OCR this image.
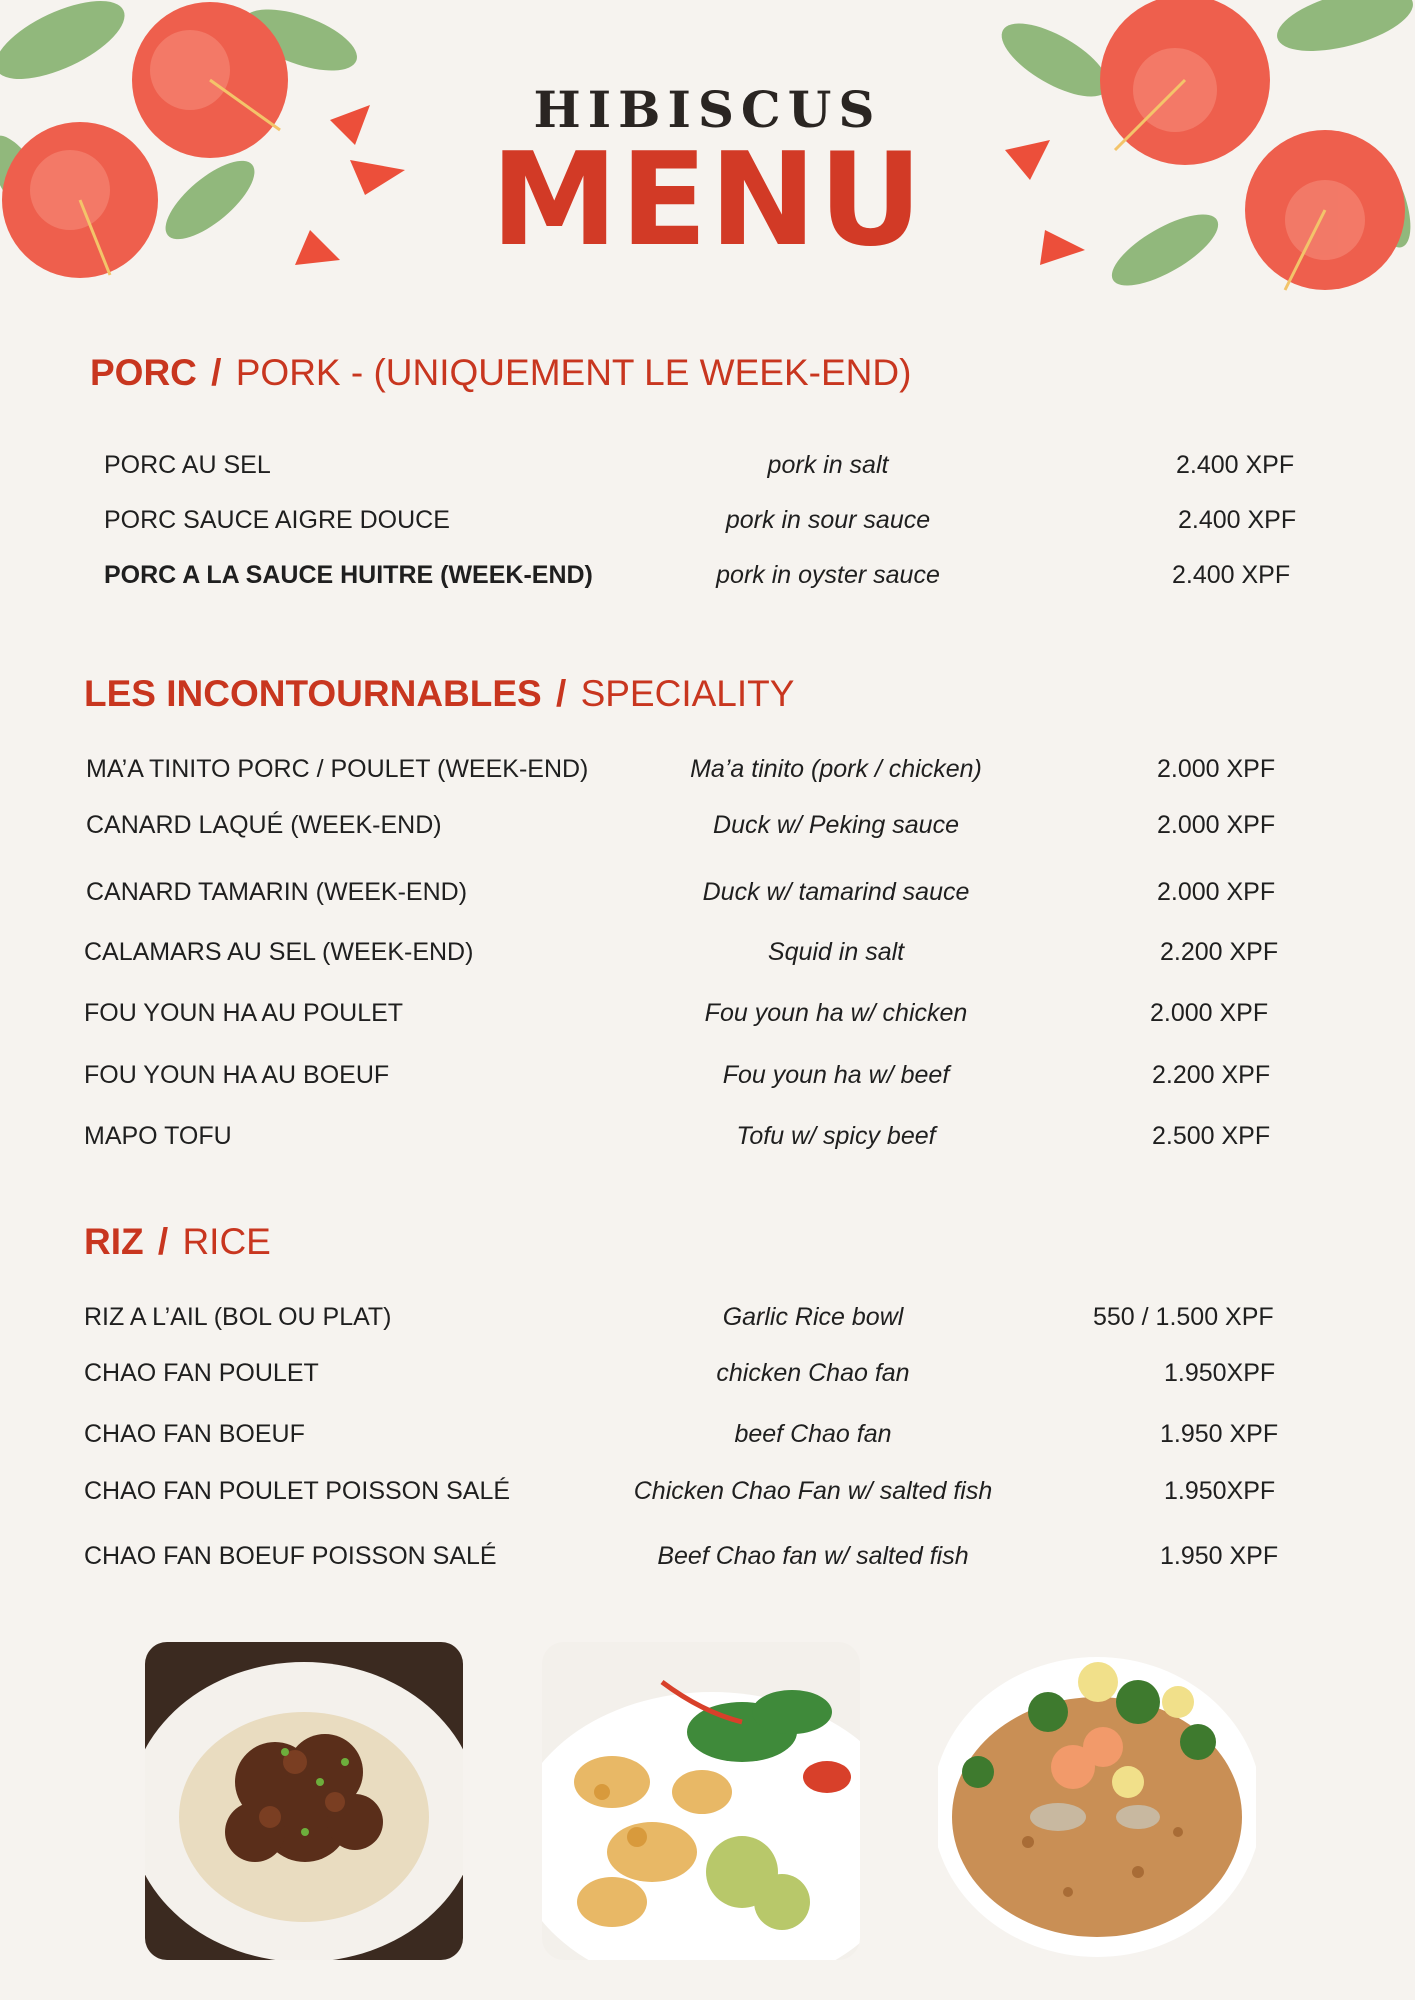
HIBISCUS
MENU
PORC / PORK - (UNIQUEMENT LE WEEK-END)
PORC AU SEL	pork in salt	2.400 XPF
PORC SAUCE AIGRE DOUCE	pork in sour sauce	2.400 XPF
PORC A LA SAUCE HUITRE (WEEK-END)	pork in oyster sauce	2.400 XPF
LES INCONTOURNABLES / SPECIALITY
MA’A TINITO PORC / POULET (WEEK-END)	Ma’a tinito (pork / chicken)	2.000 XPF
CANARD LAQUÉ (WEEK-END)	Duck w/ Peking sauce	2.000 XPF
CANARD TAMARIN (WEEK-END)	Duck w/ tamarind sauce	2.000 XPF
CALAMARS AU SEL (WEEK-END)	Squid in salt	2.200 XPF
FOU YOUN HA AU POULET	Fou youn ha w/ chicken	2.000 XPF
FOU YOUN HA AU BOEUF	Fou youn ha w/ beef	2.200 XPF
MAPO TOFU	Tofu w/ spicy beef	2.500 XPF
RIZ / RICE
RIZ A L’AIL (BOL OU PLAT)	Garlic Rice bowl	550 / 1.500 XPF
CHAO FAN POULET	chicken Chao fan	1.950XPF
CHAO FAN BOEUF	beef Chao fan	1.950 XPF
CHAO FAN POULET POISSON SALÉ	Chicken Chao Fan w/ salted fish	1.950XPF
CHAO FAN BOEUF POISSON SALÉ	Beef Chao fan w/ salted fish	1.950 XPF
